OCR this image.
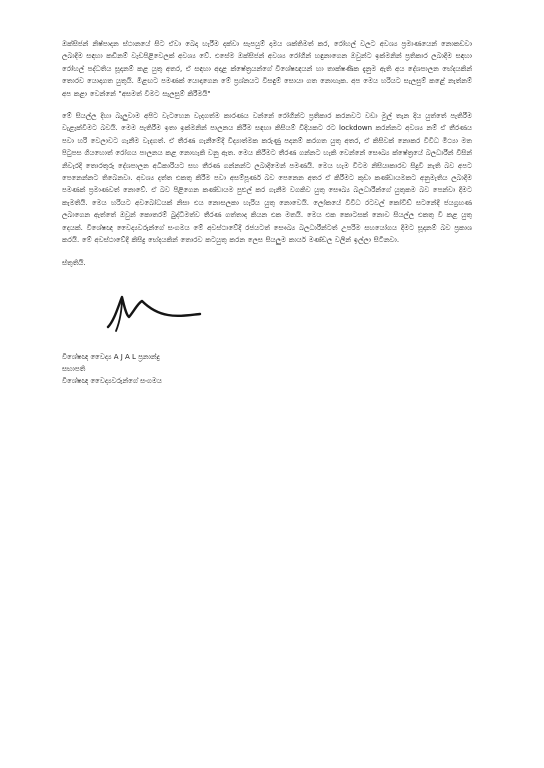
ඔක්සිජන් නිෂ්පාදන ස්ථානයේ සිට ඒවා බෙදා හැරීම දක්වා සැපයුම් දාමය ශක්තිමත් කර, රෝහල් වලට අවශ්‍ය ප්‍රමාණයෙන් නොකඩවා ලබාදීම සඳහා කඩිනම් වැඩපිළිවෙලක් අවශ්‍ය වේ. එසේම ඔක්සිජන් අවශ්‍ය රෝගීන් හඳුනාගෙන ඔවුන්ට ඉක්මනින් ප්‍රතිකාර ලබාදීම සඳහා රෝහල් පද්ධතිය සූදානම් කළ යුතු අතර, ඒ සඳහා අදාළ ක්ෂේත්‍රයන්ගේ විශේෂඥයන් හා තාක්ෂණික දැනුම ඇති අය දේශපාලන භේදයකින් තොරව යොදාගත යුතුයි. මීළඟට පමණක් යොදාගෙන මේ ප්‍රශ්නයට විසඳුම් සොයා ගත නොහැක. අප මෙය හරියට සැලසුම් කළේ නැත්නම් අප කළා වෙන්නේ "අසමත් වීමට සැලසුම් කිරීමයි"

මේ සියල්ල දිහා බැලුවාම අපිට වැටහෙන වැදගත්ම කාරණය වන්නේ රෝගීන්ට ප්‍රතිකාර කරනවට වඩා මුල් තැන දිය යුත්තේ පැතිරීම වැළැක්වීමට බවයි. මෙම පැතිරීම ඉතා ඉක්මනින් පාලනය කිරීම සඳහා කිසියම් විදියකට රට lockdown කරන්නට අවශ්‍ය නම් ඒ තීරණය පවා හරි වෙලාවට ගැනීම වැදගත්. ඒ තීරණ ගැනීමේදී විද්‍යාත්මක කරුණු පදනම් කරගත යුතු අතර, ඒ කිසිවක් නොකර විවිධ මිථ්‍යා මත පිටුපස ගියහොත් රෝගය පාලනය කළ නොහැකි වනු ඇත. මෙය කිරීමට තීරණ ගන්නට හැකි වෙන්නේ සෞඛ්‍ය ක්ෂේත්‍රයේ බලධාරීන් විසින් නිවැරදි තොරතුරු දේශපාලන අධිකාරියට සහ තීරණ ගන්නන්ට ලබාදීමෙන් පමණයි. මෙය හැම විටම නිසියාකාරව සිදුවී නැති බව අපට පෙනෙන්නට තිබෙනවා. අවශ්‍ය දත්ත එකතු කිරීම පවා අසම්පූර්ණ බව පෙනෙන අතර ඒ කිරීමට කුඩා කණ්ඩායමකට අනුමැතිය ලබාදීම පමණක් ප්‍රමාණවත් නොවේ. ඒ බව පිළිගෙන කණ්ඩායම පුළුල් කර ගැනීම වගකිව යුතු සෞඛ්‍ය බලධාරීන්ගේ යුතුකම බව පෙන්වා දීමට කැමතියි. මෙය හරියට අවබෝධයක් නිසා එය නොසලකා හැරිය යුතු නොවෙයි. ලෝකයේ විවිධ රටවල් කෝවිඩ් සටනේදී ජයග්‍රහණ ලබාගෙන ඇත්තේ ඔවුන් කොතරම් බුද්ධිමත්ව තීරණ ගත්තාද කියන එක මතයි. මෙය එක කොටසක් නොව සියල්ල එකතු වී කළ යුතු දෙයක්. විශේෂඥ වෛද්‍යවරුන්ගේ සංගමය මේ අවස්ථාවේදී රජයටත් සෞඛ්‍ය බලධාරීන්ටත් උපරිම සහයෝගය දීමට සූදානම් බව ප්‍රකාශ කරයි. මේ අවස්ථාවේදී කිසිදු භේදයකින් තොරව කටයුතු කරන ලෙස සියලුම කාර්ය මණ්ඩල වලින් ඉල්ලා සිටිනවා.

ස්තුතියි.

විශේෂඥ වෛද්‍ය A J A L ප්‍රනාන්දු

සභාපති

විශේෂඥ වෛද්‍යවරුන්ගේ සංගමය
